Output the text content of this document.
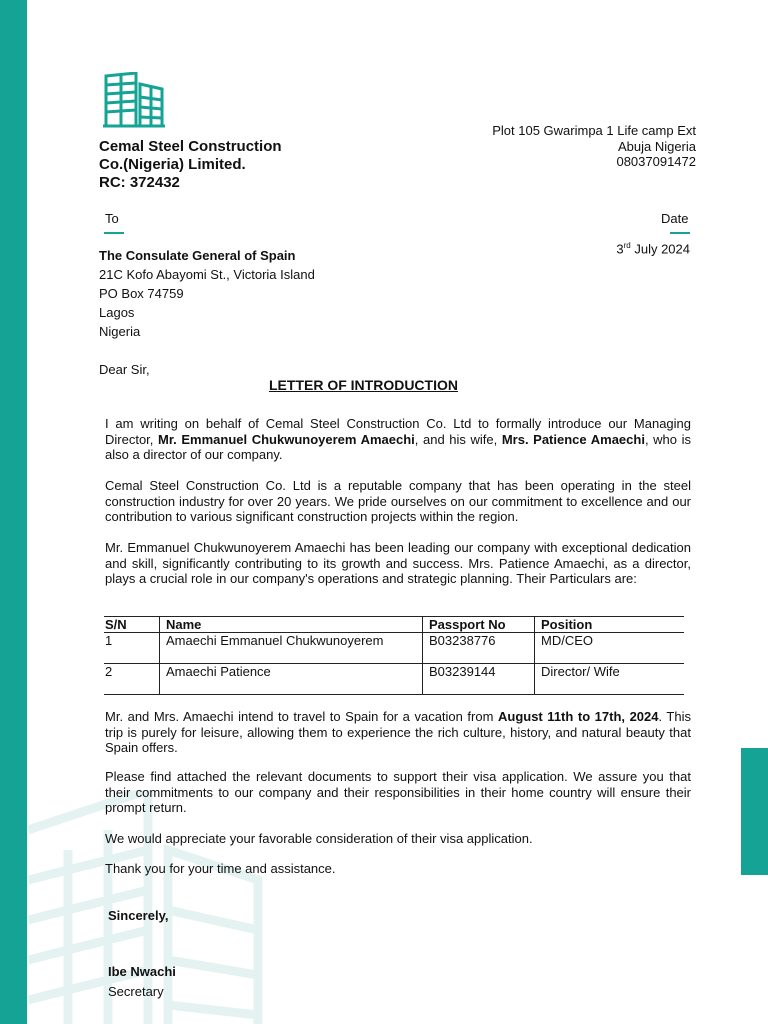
Cemal Steel Construction
Co.(Nigeria) Limited.
RC: 372432
Plot 105 Gwarimpa 1 Life camp Ext
Abuja Nigeria
08037091472
To	Date
3rd July 2024
The Consulate General of Spain
21C Kofo Abayomi St., Victoria Island
PO Box 74759
Lagos
Nigeria
Dear Sir,
LETTER OF INTRODUCTION
I am writing on behalf of Cemal Steel Construction Co. Ltd to formally introduce our Managing Director, Mr. Emmanuel Chukwunoyerem Amaechi, and his wife, Mrs. Patience Amaechi, who is also a director of our company.
Cemal Steel Construction Co. Ltd is a reputable company that has been operating in the steel construction industry for over 20 years. We pride ourselves on our commitment to excellence and our contribution to various significant construction projects within the region.
Mr. Emmanuel Chukwunoyerem Amaechi has been leading our company with exceptional dedication and skill, significantly contributing to its growth and success. Mrs. Patience Amaechi, as a director, plays a crucial role in our company's operations and strategic planning. Their Particulars are:
S/N	Name	Passport No	Position
1	Amaechi Emmanuel Chukwunoyerem	B03238776	MD/CEO
2	Amaechi Patience	B03239144	Director/ Wife
Mr. and Mrs. Amaechi intend to travel to Spain for a vacation from August 11th to 17th, 2024. This trip is purely for leisure, allowing them to experience the rich culture, history, and natural beauty that Spain offers.
Please find attached the relevant documents to support their visa application. We assure you that their commitments to our company and their responsibilities in their home country will ensure their prompt return.
We would appreciate your favorable consideration of their visa application.
Thank you for your time and assistance.
Sincerely,
Ibe Nwachi
Secretary
